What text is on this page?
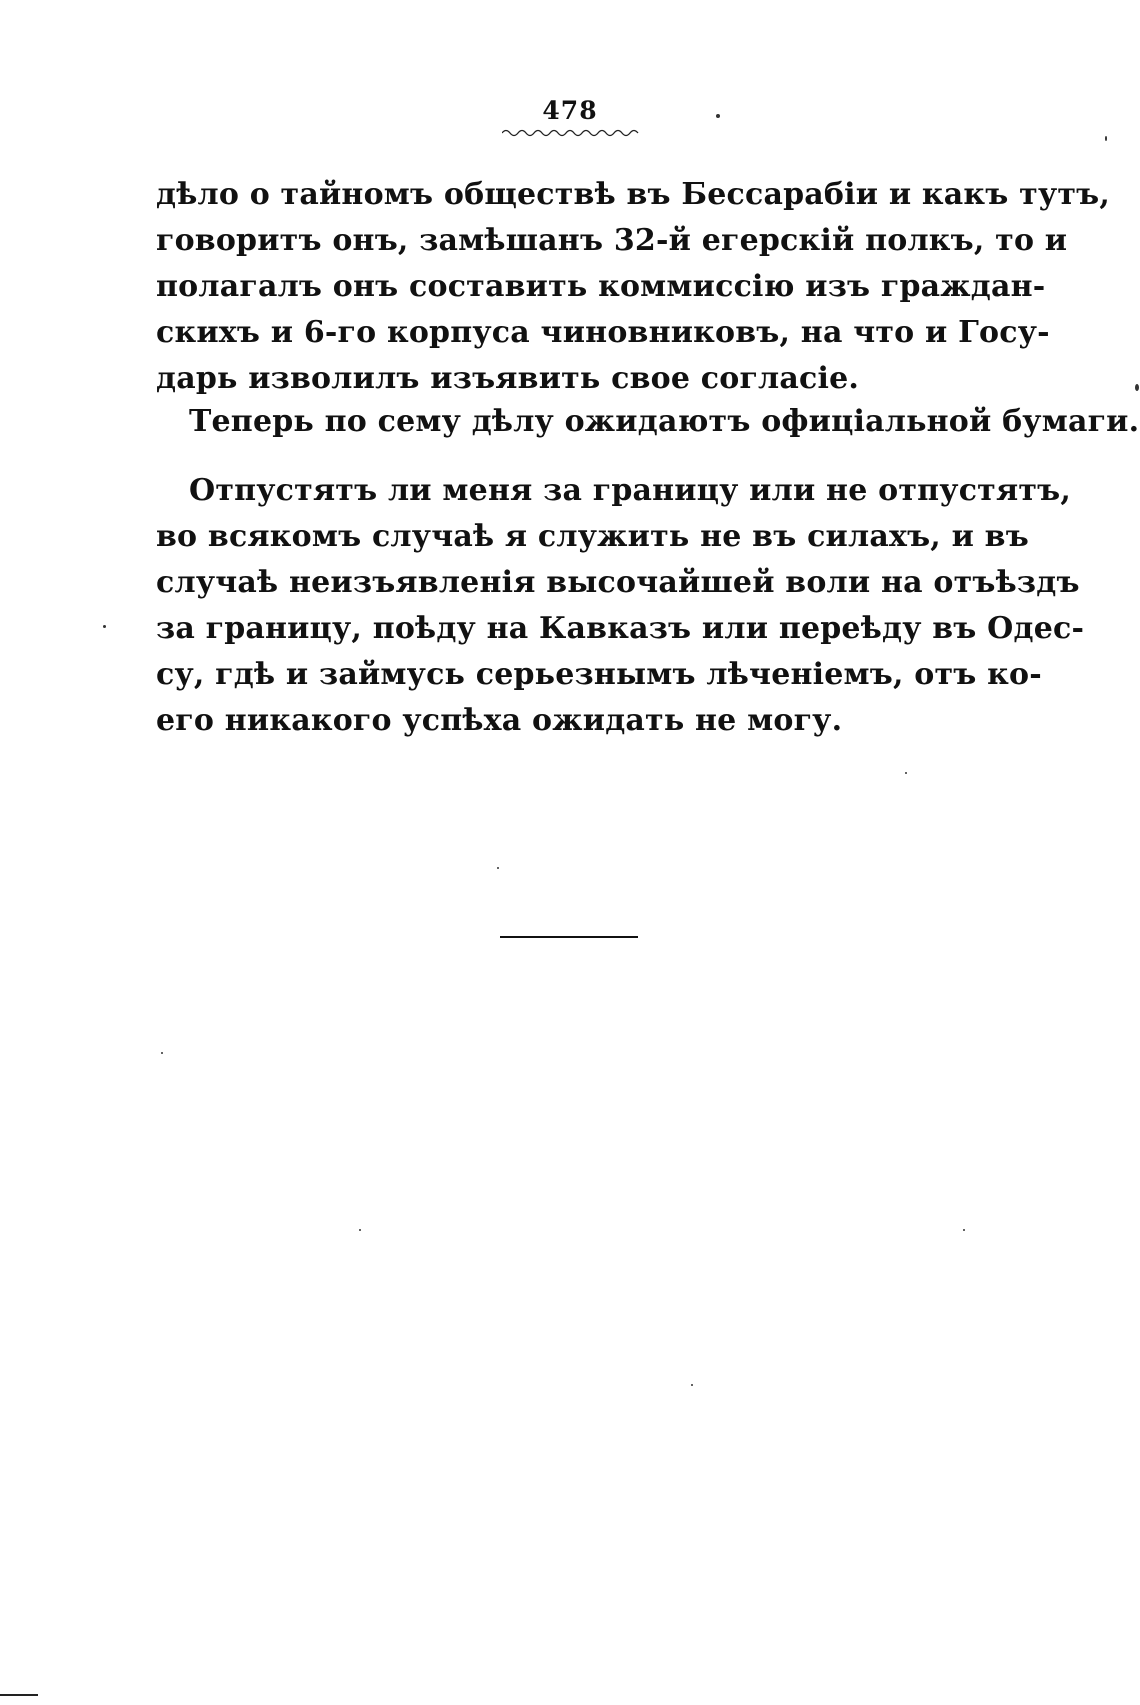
478
дѣло о тайномъ обществѣ въ Бессарабіи и какъ тутъ,
говоритъ онъ, замѣшанъ 32-й егерскій полкъ, то и
полагалъ онъ составить коммиссію изъ граждан-
скихъ и 6-го корпуса чиновниковъ, на что и Госу-
дарь изволилъ изъявить свое согласіе.
Теперь по сему дѣлу ожидаютъ офиціальной бумаги.
Отпустятъ ли меня за границу или не отпустятъ,
во всякомъ случаѣ я служить не въ силахъ, и въ
случаѣ неизъявленія высочайшей воли на отъѣздъ
за границу, поѣду на Кавказъ или переѣду въ Одес-
су, гдѣ и займусь серьезнымъ лѣченіемъ, отъ ко-
его никакого успѣха ожидать не могу.
